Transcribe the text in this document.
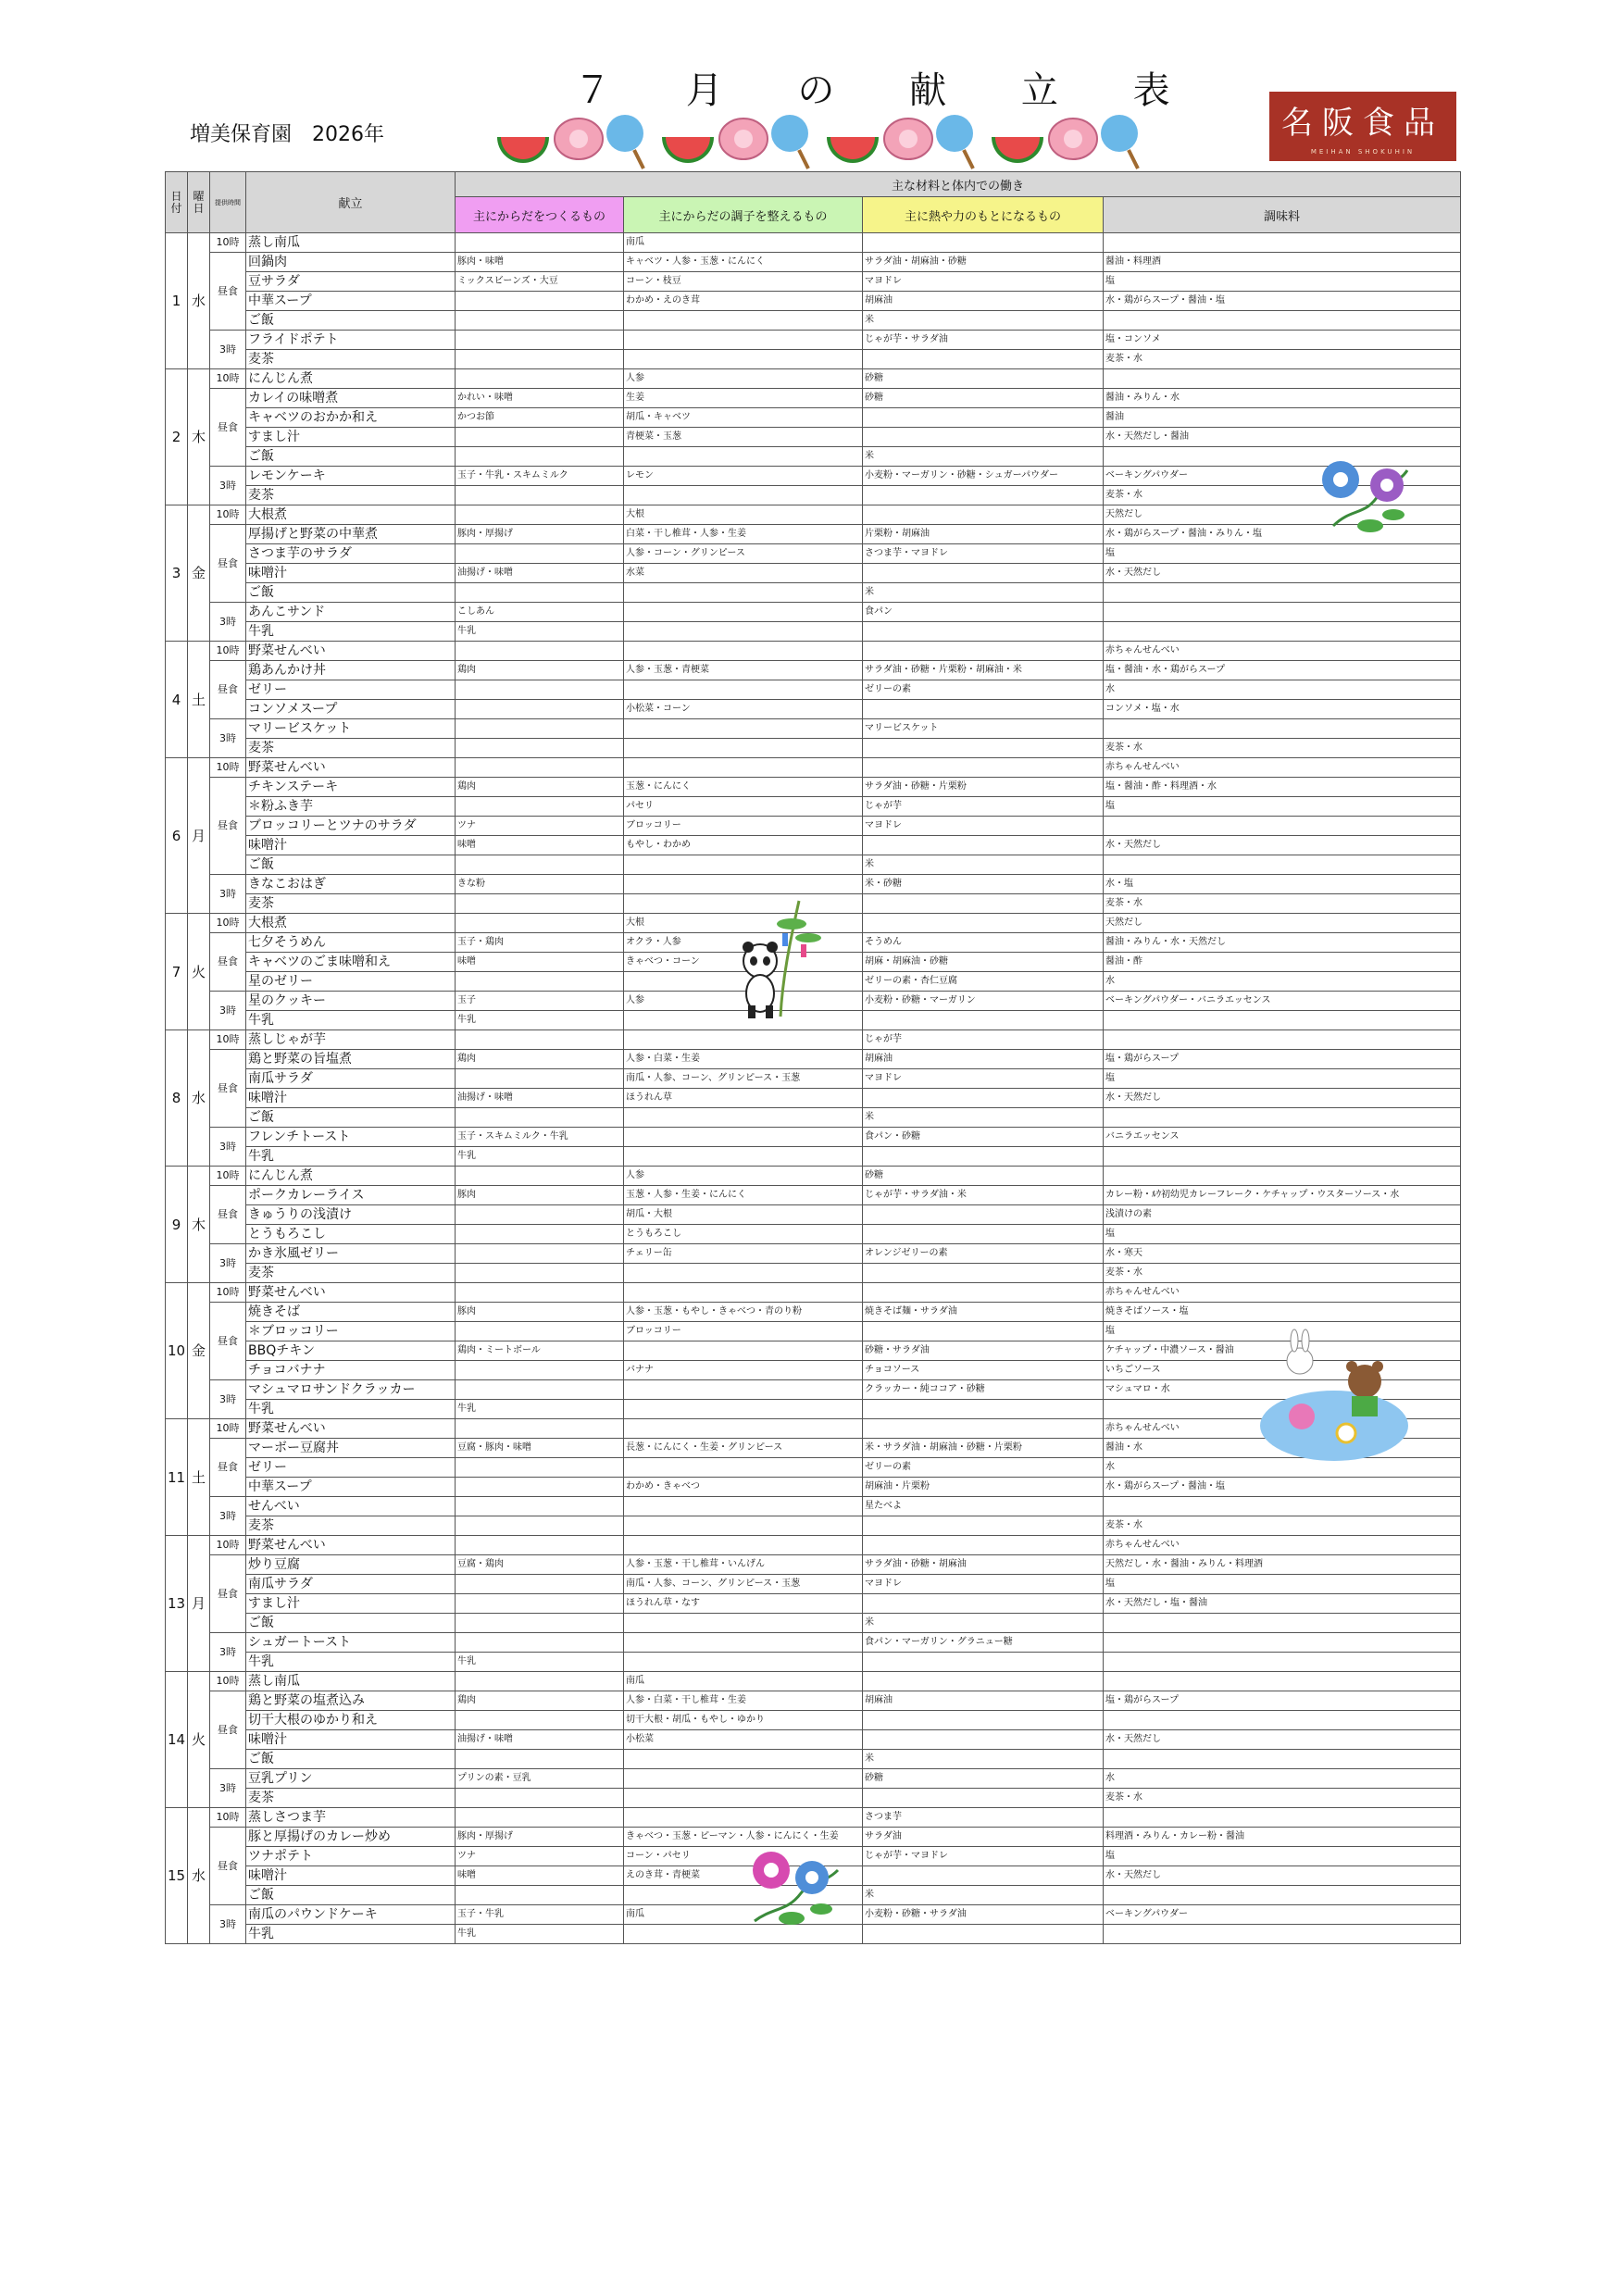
７ 月 の 献 立 表
増美保育園　2026年	名阪食品
MEIHAN SHOKUHIN
日付	曜日	提供時間	献立	主な材料と体内での働き			
				主にからだをつくるもの	主にからだの調子を整えるもの	主に熱や力のもとになるもの	調味料
1	水	10時	蒸し南瓜		南瓜		
		昼食	回鍋肉	豚肉・味噌	キャベツ・人参・玉葱・にんにく	サラダ油・胡麻油・砂糖	醤油・料理酒
			豆サラダ	ミックスビーンズ・大豆	コーン・枝豆	マヨドレ	塩
			中華スープ		わかめ・えのき茸	胡麻油	水・鶏がらスープ・醤油・塩
			ご飯			米	
		3時	フライドポテト			じゃが芋・サラダ油	塩・コンソメ
			麦茶				麦茶・水
2	木	10時	にんじん煮		人参	砂糖	
		昼食	カレイの味噌煮	かれい・味噌	生姜	砂糖	醤油・みりん・水
			キャベツのおかか和え	かつお節	胡瓜・キャベツ		醤油
			すまし汁		青梗菜・玉葱		水・天然だし・醤油
			ご飯			米	
		3時	レモンケーキ	玉子・牛乳・スキムミルク	レモン	小麦粉・マーガリン・砂糖・シュガーパウダー	ベーキングパウダー
			麦茶				麦茶・水
3	金	10時	大根煮		大根		天然だし
		昼食	厚揚げと野菜の中華煮	豚肉・厚揚げ	白菜・干し椎茸・人参・生姜	片栗粉・胡麻油	水・鶏がらスープ・醤油・みりん・塩
			さつま芋のサラダ		人参・コーン・グリンピース	さつま芋・マヨドレ	塩
			味噌汁	油揚げ・味噌	水菜		水・天然だし
			ご飯			米	
		3時	あんこサンド	こしあん		食パン	
			牛乳	牛乳			
4	土	10時	野菜せんべい				赤ちゃんせんべい
		昼食	鶏あんかけ丼	鶏肉	人参・玉葱・青梗菜	サラダ油・砂糖・片栗粉・胡麻油・米	塩・醤油・水・鶏がらスープ
			ゼリー			ゼリーの素	水
			コンソメスープ		小松菜・コーン		コンソメ・塩・水
		3時	マリービスケット			マリービスケット	
			麦茶				麦茶・水
6	月	10時	野菜せんべい				赤ちゃんせんべい
		昼食	チキンステーキ	鶏肉	玉葱・にんにく	サラダ油・砂糖・片栗粉	塩・醤油・酢・料理酒・水
			＊粉ふき芋		パセリ	じゃが芋	塩
			ブロッコリーとツナのサラダ	ツナ	ブロッコリー	マヨドレ	
			味噌汁	味噌	もやし・わかめ		水・天然だし
			ご飯			米	
		3時	きなこおはぎ	きな粉		米・砂糖	水・塩
			麦茶				麦茶・水
7	火	10時	大根煮		大根		天然だし
		昼食	七夕そうめん	玉子・鶏肉	オクラ・人参	そうめん	醤油・みりん・水・天然だし
			キャベツのごま味噌和え	味噌	きゃべつ・コーン	胡麻・胡麻油・砂糖	醤油・酢
			星のゼリー			ゼリーの素・杏仁豆腐	水
		3時	星のクッキー	玉子	人参	小麦粉・砂糖・マーガリン	ベーキングパウダー・バニラエッセンス
			牛乳	牛乳			
8	水	10時	蒸しじゃが芋			じゃが芋	
		昼食	鶏と野菜の旨塩煮	鶏肉	人参・白菜・生姜	胡麻油	塩・鶏がらスープ
			南瓜サラダ		南瓜・人参、コーン、グリンピース・玉葱	マヨドレ	塩
			味噌汁	油揚げ・味噌	ほうれん草		水・天然だし
			ご飯			米	
		3時	フレンチトースト	玉子・スキムミルク・牛乳		食パン・砂糖	バニラエッセンス
			牛乳	牛乳			
9	木	10時	にんじん煮		人参	砂糖	
		昼食	ポークカレーライス	豚肉	玉葱・人参・生姜・にんにく	じゃが芋・サラダ油・米	カレー粉・ﾙｳ初幼児カレーフレーク・ケチャップ・ウスターソース・水
			きゅうりの浅漬け		胡瓜・大根		浅漬けの素
			とうもろこし		とうもろこし		塩
		3時	かき氷風ゼリー		チェリー缶	オレンジゼリーの素	水・寒天
			麦茶				麦茶・水
10	金	10時	野菜せんべい				赤ちゃんせんべい
		昼食	焼きそば	豚肉	人参・玉葱・もやし・きゃべつ・青のり粉	焼きそば麺・サラダ油	焼きそばソース・塩
			＊ブロッコリー		ブロッコリー		塩
			BBQチキン	鶏肉・ミートボール		砂糖・サラダ油	ケチャップ・中濃ソース・醤油
			チョコバナナ		バナナ	チョコソース	いちごソース
		3時	マシュマロサンドクラッカー			クラッカー・純ココア・砂糖	マシュマロ・水
			牛乳	牛乳			
11	土	10時	野菜せんべい				赤ちゃんせんべい
		昼食	マーボー豆腐丼	豆腐・豚肉・味噌	長葱・にんにく・生姜・グリンピース	米・サラダ油・胡麻油・砂糖・片栗粉	醤油・水
			ゼリー			ゼリーの素	水
			中華スープ		わかめ・きゃべつ	胡麻油・片栗粉	水・鶏がらスープ・醤油・塩
		3時	せんべい			星たべよ	
			麦茶				麦茶・水
13	月	10時	野菜せんべい				赤ちゃんせんべい
		昼食	炒り豆腐	豆腐・鶏肉	人参・玉葱・干し椎茸・いんげん	サラダ油・砂糖・胡麻油	天然だし・水・醤油・みりん・料理酒
			南瓜サラダ		南瓜・人参、コーン、グリンピース・玉葱	マヨドレ	塩
			すまし汁		ほうれん草・なす		水・天然だし・塩・醤油
			ご飯			米	
		3時	シュガートースト			食パン・マーガリン・グラニュー糖	
			牛乳	牛乳			
14	火	10時	蒸し南瓜		南瓜		
		昼食	鶏と野菜の塩煮込み	鶏肉	人参・白菜・干し椎茸・生姜	胡麻油	塩・鶏がらスープ
			切干大根のゆかり和え		切干大根・胡瓜・もやし・ゆかり		
			味噌汁	油揚げ・味噌	小松菜		水・天然だし
			ご飯			米	
		3時	豆乳プリン	プリンの素・豆乳		砂糖	水
			麦茶				麦茶・水
15	水	10時	蒸しさつま芋			さつま芋	
		昼食	豚と厚揚げのカレー炒め	豚肉・厚揚げ	きゃべつ・玉葱・ピーマン・人参・にんにく・生姜	サラダ油	料理酒・みりん・カレー粉・醤油
			ツナポテト	ツナ	コーン・パセリ	じゃが芋・マヨドレ	塩
			味噌汁	味噌	えのき茸・青梗菜		水・天然だし
			ご飯			米	
		3時	南瓜のパウンドケーキ	玉子・牛乳	南瓜	小麦粉・砂糖・サラダ油	ベーキングパウダー
			牛乳	牛乳			
